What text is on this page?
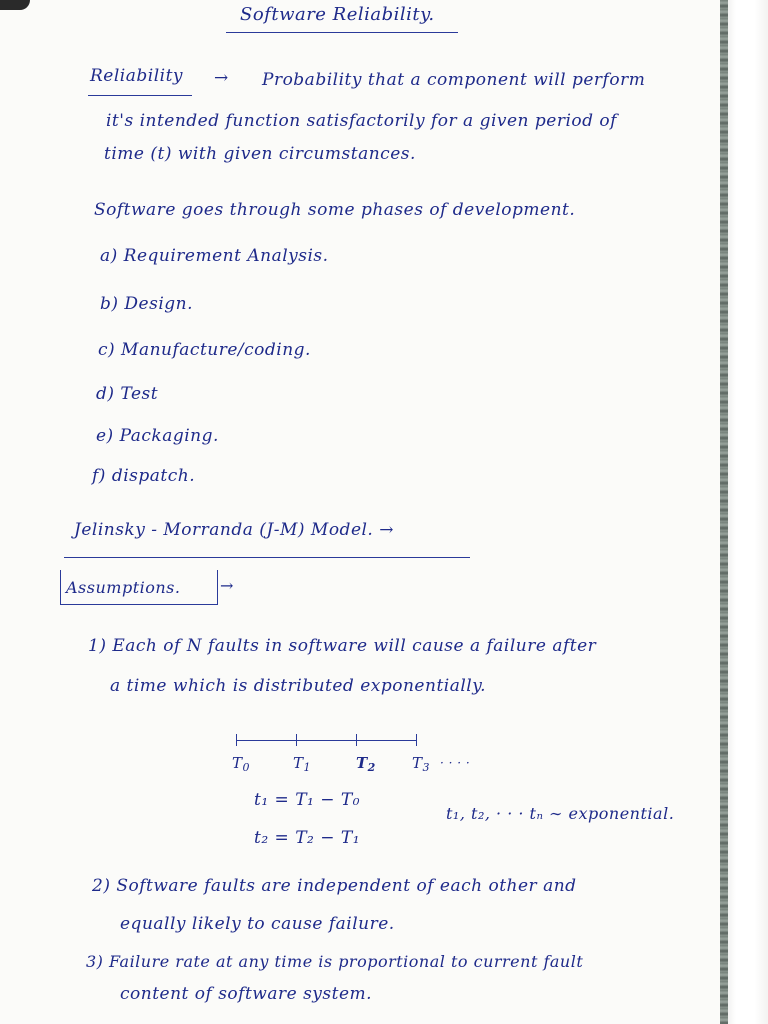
Software Reliability.
Reliability → Probability that a component will perform
it's intended function satisfactorily for a given period of
time (t) with given circumstances.
Software goes through some phases of development.
a) Requirement Analysis.
b) Design.
c) Manufacture/coding.
d) Test
e) Packaging.
f) dispatch.
Jelinsky - Morranda (J-M) Model. →
Assumptions. →
1) Each of N faults in software will cause a failure after
a time which is distributed exponentially.
$T_0$	$T_1$	$T_2$ $T_3$ · · · ·
t₁ = T₁ − T₀
t₂ = T₂ − T₁
t₁, t₂, · · · tₙ ∼ exponential.
2) Software faults are independent of each other and
equally likely to cause failure.
3) Failure rate at any time is proportional to current fault
content of software system.
